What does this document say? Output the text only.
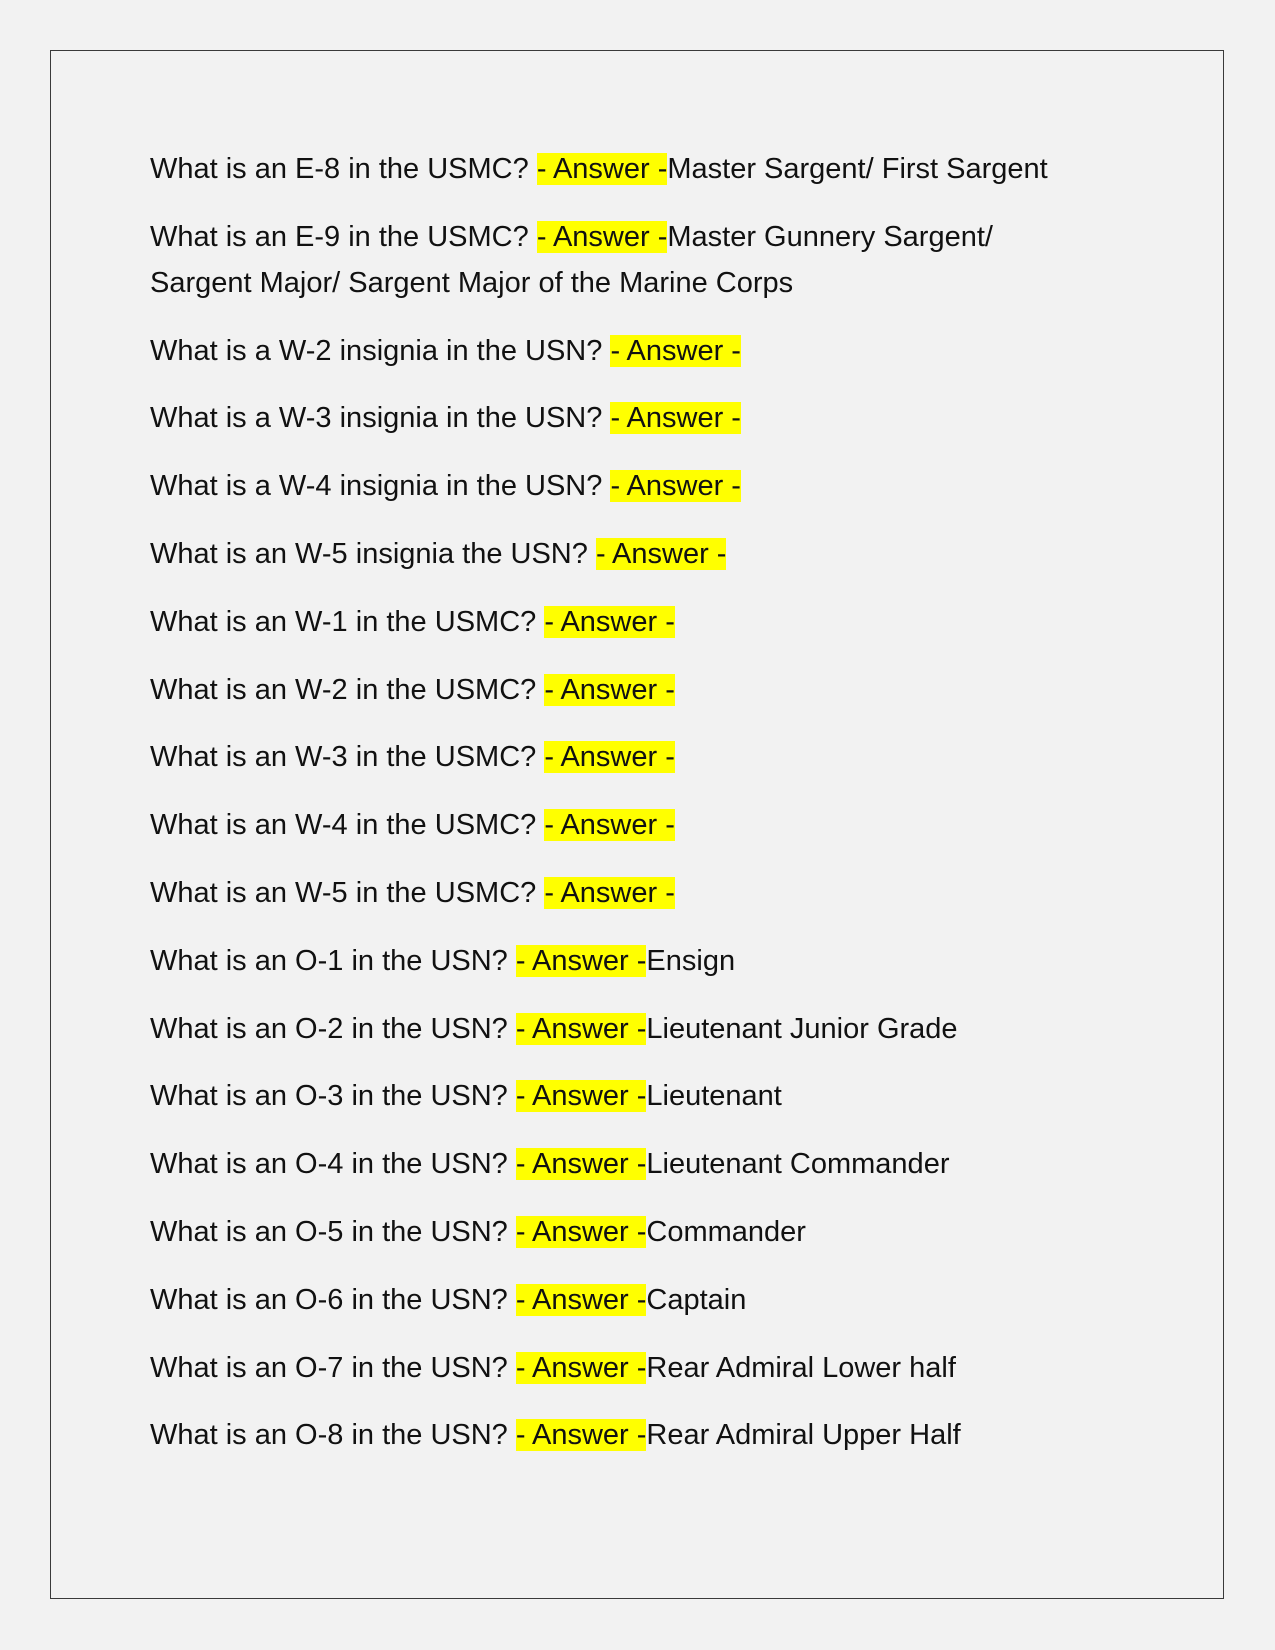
What is an E-8 in the USMC? - Answer -Master Sargent/ First Sargent

What is an E-9 in the USMC? - Answer -Master Gunnery Sargent/ Sargent Major/ Sargent Major of the Marine Corps

What is a W-2 insignia in the USN? - Answer -

What is a W-3 insignia in the USN? - Answer -

What is a W-4 insignia in the USN? - Answer -

What is an W-5 insignia the USN? - Answer -

What is an W-1 in the USMC? - Answer -

What is an W-2 in the USMC? - Answer -

What is an W-3 in the USMC? - Answer -

What is an W-4 in the USMC? - Answer -

What is an W-5 in the USMC? - Answer -

What is an O-1 in the USN? - Answer -Ensign

What is an O-2 in the USN? - Answer -Lieutenant Junior Grade

What is an O-3 in the USN? - Answer -Lieutenant

What is an O-4 in the USN? - Answer -Lieutenant Commander

What is an O-5 in the USN? - Answer -Commander

What is an O-6 in the USN? - Answer -Captain

What is an O-7 in the USN? - Answer -Rear Admiral Lower half

What is an O-8 in the USN? - Answer -Rear Admiral Upper Half
